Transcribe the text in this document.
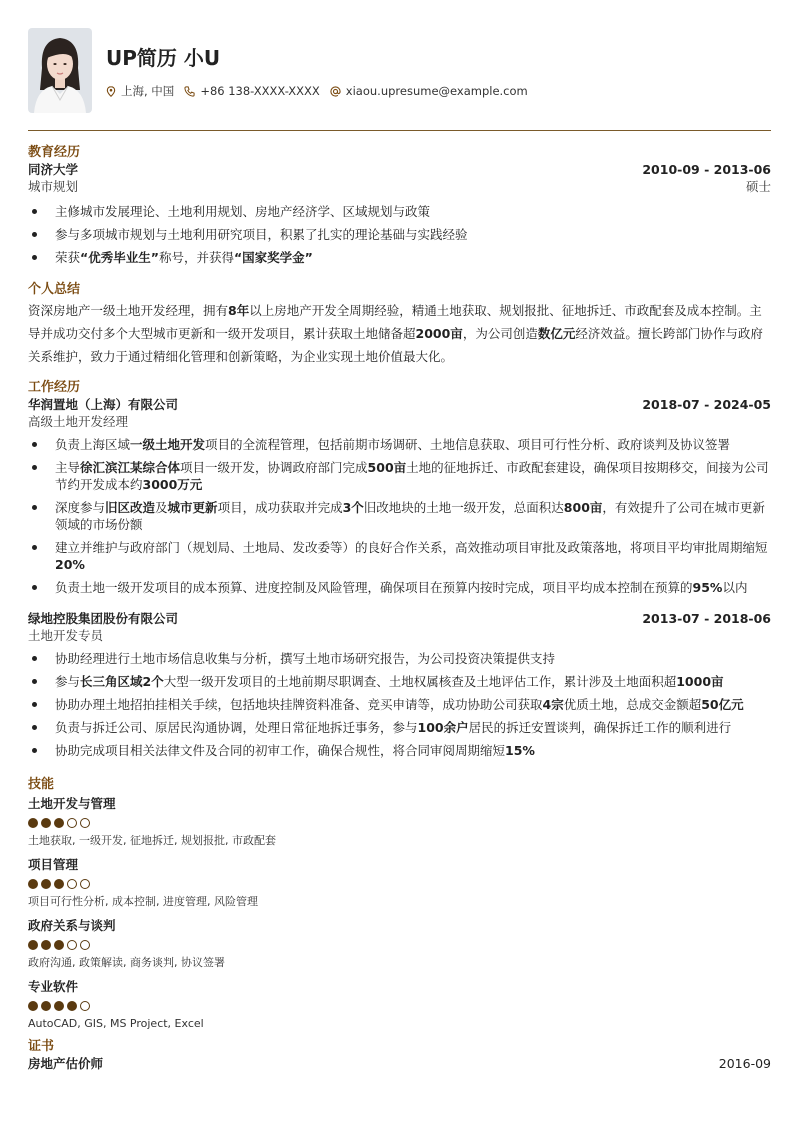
UP简历 小U
上海, 中国 +86 138-XXXX-XXXX xiaou.upresume@example.com
教育经历
同济大学	2010-09 - 2013-06
城市规划	硕士
主修城市发展理论、土地利用规划、房地产经济学、区域规划与政策
参与多项城市规划与土地利用研究项目，积累了扎实的理论基础与实践经验
荣获“优秀毕业生”称号，并获得“国家奖学金”
个人总结
资深房地产一级土地开发经理，拥有8年以上房地产开发全周期经验，精通土地获取、规划报批、征地拆迁、市政配套及成本控制。主导并成功交付多个大型城市更新和一级开发项目，累计获取土地储备超2000亩，为公司创造数亿元经济效益。擅长跨部门协作与政府关系维护，致力于通过精细化管理和创新策略，为企业实现土地价值最大化。
工作经历
华润置地（上海）有限公司	2018-07 - 2024-05
高级土地开发经理
负责上海区域一级土地开发项目的全流程管理，包括前期市场调研、土地信息获取、项目可行性分析、政府谈判及协议签署
主导徐汇滨江某综合体项目一级开发，协调政府部门完成500亩土地的征地拆迁、市政配套建设，确保项目按期移交，间接为公司节约开发成本约3000万元
深度参与旧区改造及城市更新项目，成功获取并完成3个旧改地块的土地一级开发，总面积达800亩，有效提升了公司在城市更新领域的市场份额
建立并维护与政府部门（规划局、土地局、发改委等）的良好合作关系，高效推动项目审批及政策落地，将项目平均审批周期缩短20%
负责土地一级开发项目的成本预算、进度控制及风险管理，确保项目在预算内按时完成，项目平均成本控制在预算的95%以内
绿地控股集团股份有限公司	2013-07 - 2018-06
土地开发专员
协助经理进行土地市场信息收集与分析，撰写土地市场研究报告，为公司投资决策提供支持
参与长三角区域2个大型一级开发项目的土地前期尽职调查、土地权属核查及土地评估工作，累计涉及土地面积超1000亩
协助办理土地招拍挂相关手续，包括地块挂牌资料准备、竞买申请等，成功协助公司获取4宗优质土地，总成交金额超50亿元
负责与拆迁公司、原居民沟通协调，处理日常征地拆迁事务，参与100余户居民的拆迁安置谈判，确保拆迁工作的顺利进行
协助完成项目相关法律文件及合同的初审工作，确保合规性，将合同审阅周期缩短15%
技能
土地开发与管理
土地获取, 一级开发, 征地拆迁, 规划报批, 市政配套
项目管理
项目可行性分析, 成本控制, 进度管理, 风险管理
政府关系与谈判
政府沟通, 政策解读, 商务谈判, 协议签署
专业软件
AutoCAD, GIS, MS Project, Excel
证书
房地产估价师	2016-09
